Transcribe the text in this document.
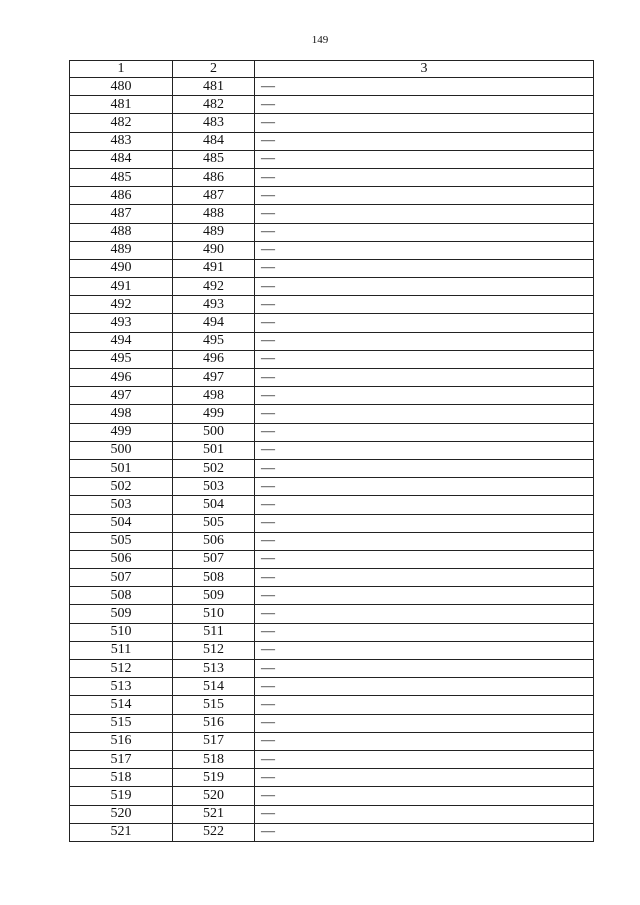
149
1	2	3
480	481	—
481	482	—
482	483	—
483	484	—
484	485	—
485	486	—
486	487	—
487	488	—
488	489	—
489	490	—
490	491	—
491	492	—
492	493	—
493	494	—
494	495	—
495	496	—
496	497	—
497	498	—
498	499	—
499	500	—
500	501	—
501	502	—
502	503	—
503	504	—
504	505	—
505	506	—
506	507	—
507	508	—
508	509	—
509	510	—
510	511	—
511	512	—
512	513	—
513	514	—
514	515	—
515	516	—
516	517	—
517	518	—
518	519	—
519	520	—
520	521	—
521	522	—
